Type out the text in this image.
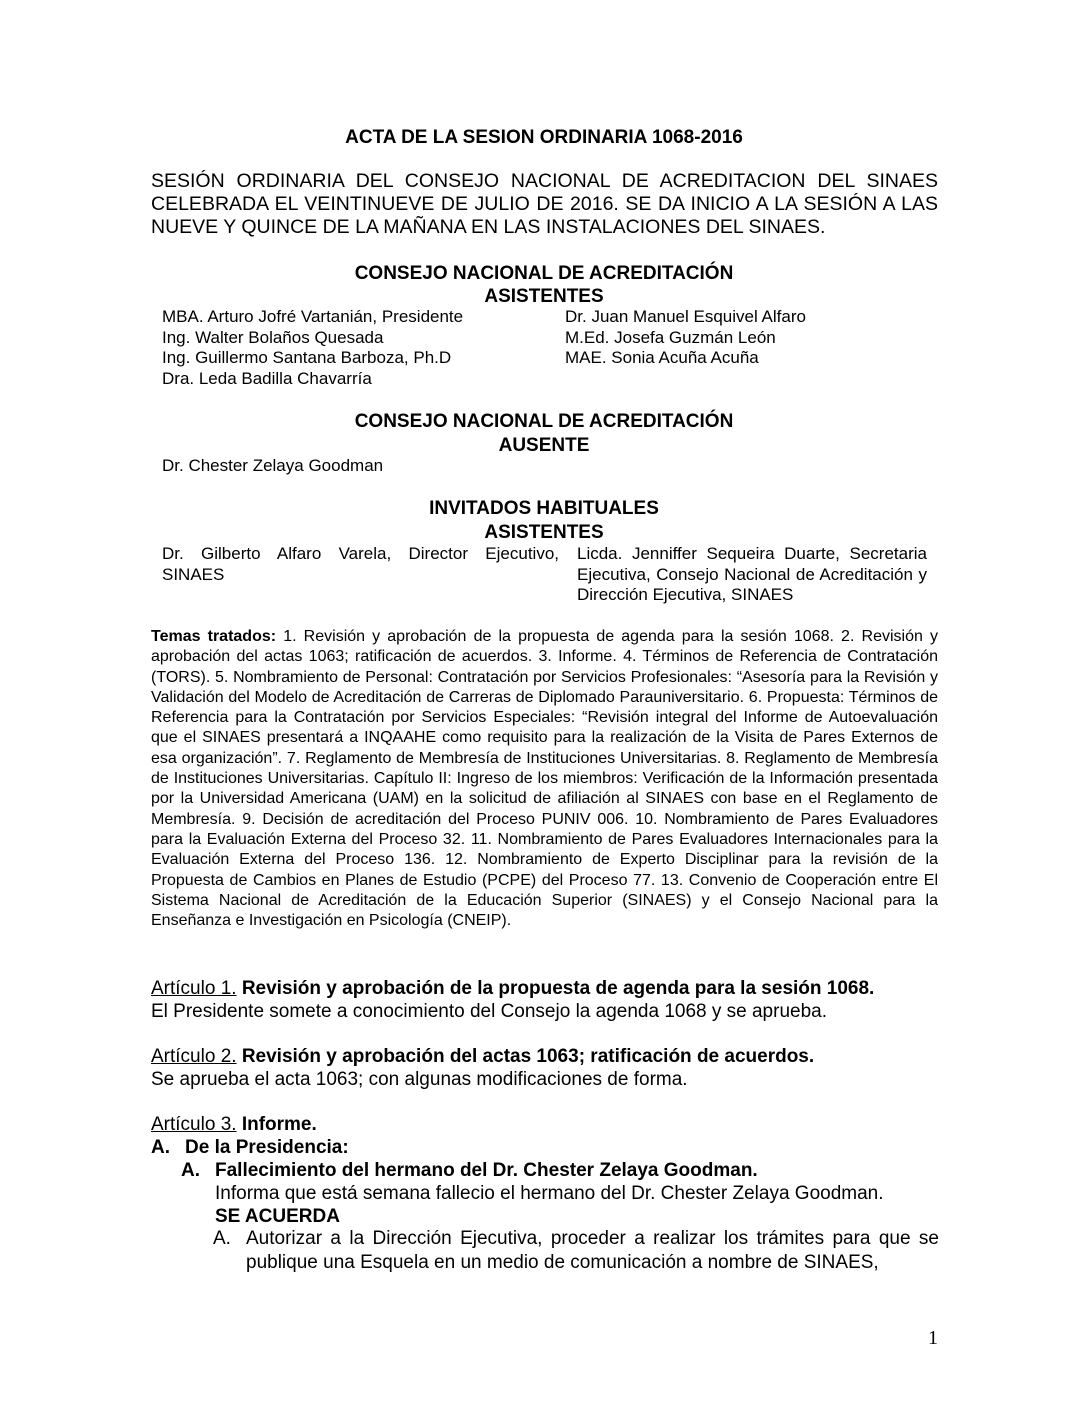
ACTA DE LA SESION ORDINARIA 1068-2016
SESIÓN ORDINARIA DEL CONSEJO NACIONAL DE ACREDITACION DEL SINAES CELEBRADA EL VEINTINUEVE DE JULIO DE 2016. SE DA INICIO A LA SESIÓN A LAS NUEVE Y QUINCE DE LA MAÑANA EN LAS INSTALACIONES DEL SINAES.
CONSEJO NACIONAL DE ACREDITACIÓN
ASISTENTES
MBA. Arturo Jofré Vartanián, Presidente
Ing. Walter Bolaños Quesada
Ing. Guillermo Santana Barboza, Ph.D
Dra. Leda Badilla Chavarría
Dr. Juan Manuel Esquivel Alfaro
M.Ed. Josefa Guzmán León
MAE. Sonia Acuña Acuña
CONSEJO NACIONAL DE ACREDITACIÓN
AUSENTE
Dr. Chester Zelaya Goodman
INVITADOS HABITUALES
ASISTENTES
Dr. Gilberto Alfaro Varela, Director Ejecutivo, SINAES
Licda. Jenniffer Sequeira Duarte, Secretaria Ejecutiva, Consejo Nacional de Acreditación y Dirección Ejecutiva, SINAES
Temas tratados: 1. Revisión y aprobación de la propuesta de agenda para la sesión 1068. 2. Revisión y aprobación del actas 1063; ratificación de acuerdos. 3. Informe. 4. Términos de Referencia de Contratación (TORS). 5. Nombramiento de Personal: Contratación por Servicios Profesionales: “Asesoría para la Revisión y Validación del Modelo de Acreditación de Carreras de Diplomado Parauniversitario. 6. Propuesta: Términos de Referencia para la Contratación por Servicios Especiales: “Revisión integral del Informe de Autoevaluación que el SINAES presentará a INQAAHE como requisito para la realización de la Visita de Pares Externos de esa organización”. 7. Reglamento de Membresía de Instituciones Universitarias. 8. Reglamento de Membresía de Instituciones Universitarias. Capítulo II: Ingreso de los miembros: Verificación de la Información presentada por la Universidad Americana (UAM) en la solicitud de afiliación al SINAES con base en el Reglamento de Membresía. 9. Decisión de acreditación del Proceso PUNIV 006. 10. Nombramiento de Pares Evaluadores para la Evaluación Externa del Proceso 32. 11. Nombramiento de Pares Evaluadores Internacionales para la Evaluación Externa del Proceso 136. 12. Nombramiento de Experto Disciplinar para la revisión de la Propuesta de Cambios en Planes de Estudio (PCPE) del Proceso 77. 13. Convenio de Cooperación entre El Sistema Nacional de Acreditación de la Educación Superior (SINAES) y el Consejo Nacional para la Enseñanza e Investigación en Psicología (CNEIP).
Artículo 1. Revisión y aprobación de la propuesta de agenda para la sesión 1068.
El Presidente somete a conocimiento del Consejo la agenda 1068 y se aprueba.
Artículo 2. Revisión y aprobación del actas 1063; ratificación de acuerdos.
Se aprueba el acta 1063; con algunas modificaciones de forma.
Artículo 3. Informe.
A. De la Presidencia:
A. Fallecimiento del hermano del Dr. Chester Zelaya Goodman.
Informa que está semana fallecio el hermano del Dr. Chester Zelaya Goodman.
SE ACUERDA
A. Autorizar a la Dirección Ejecutiva, proceder a realizar los trámites para que se publique una Esquela en un medio de comunicación a nombre de SINAES,
1
